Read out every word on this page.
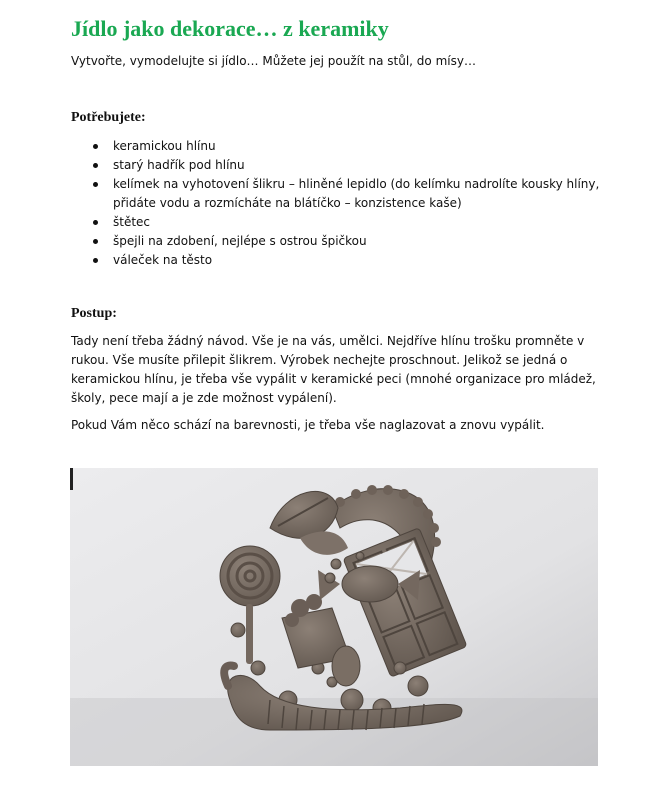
Jídlo jako dekorace… z keramiky

Vytvořte, vymodelujte si jídlo… Můžete jej použít na stůl, do mísy…

Potřebujete:
keramickou hlínu
starý hadřík pod hlínu
kelímek na vyhotovení šlikru – hliněné lepidlo (do kelímku nadrolíte kousky hlíny, přidáte vodu a rozmícháte na blátíčko – konzistence kaše)
štětec
špejli na zdobení, nejlépe s ostrou špičkou
váleček na těsto
Postup:

Tady není třeba žádný návod. Vše je na vás, umělci. Nejdříve hlínu trošku promněte v rukou. Vše musíte přilepit šlikrem. Výrobek nechejte proschnout. Jelikož se jedná o keramickou hlínu, je třeba vše vypálit v keramické peci (mnohé organizace pro mládež, školy, pece mají a je zde možnost vypálení).

Pokud Vám něco schází na barevnosti, je třeba vše naglazovat a znovu vypálit.
